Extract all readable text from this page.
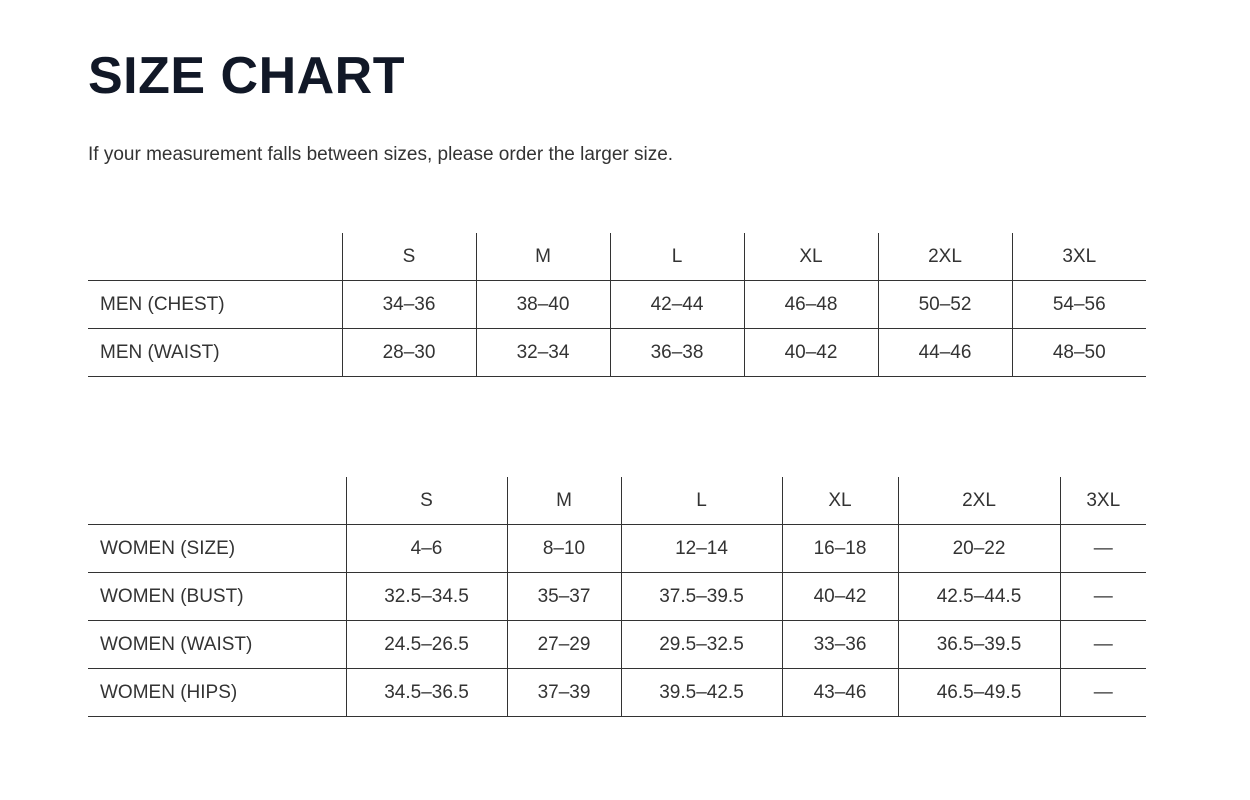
SIZE CHART

If your measurement falls between sizes, please order the larger size.

	S	M	L	XL	2XL	3XL
MEN (CHEST)	34–36	38–40	42–44	46–48	50–52	54–56
MEN (WAIST)	28–30	32–34	36–38	40–42	44–46	48–50
	S	M	L	XL	2XL	3XL
WOMEN (SIZE)	4–6	8–10	12–14	16–18	20–22	—
WOMEN (BUST)	32.5–34.5	35–37	37.5–39.5	40–42	42.5–44.5	—
WOMEN (WAIST)	24.5–26.5	27–29	29.5–32.5	33–36	36.5–39.5	—
WOMEN (HIPS)	34.5–36.5	37–39	39.5–42.5	43–46	46.5–49.5	—
